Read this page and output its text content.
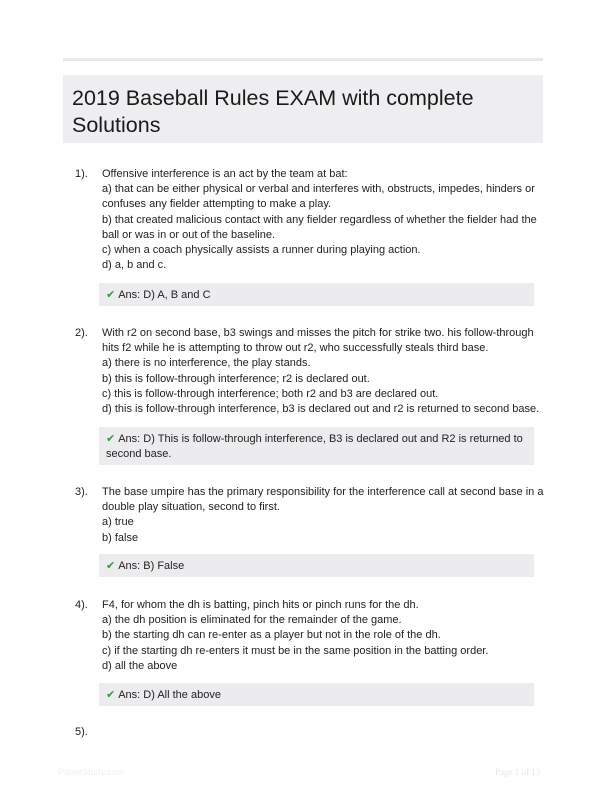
2019 Baseball Rules EXAM with complete Solutions
1). Offensive interference is an act by the team at bat:
a) that can be either physical or verbal and interferes with, obstructs, impedes, hinders or
confuses any fielder attempting to make a play.
b) that created malicious contact with any fielder regardless of whether the fielder had the
ball or was in or out of the baseline.
c) when a coach physically assists a runner during playing action.
d) a, b and c.
✔ Ans: D) A, B and C
2). With r2 on second base, b3 swings and misses the pitch for strike two. his follow-through
hits f2 while he is attempting to throw out r2, who successfully steals third base.
a) there is no interference, the play stands.
b) this is follow-through interference; r2 is declared out.
c) this is follow-through interference; both r2 and b3 are declared out.
d) this is follow-through interference, b3 is declared out and r2 is returned to second base.
✔ Ans: D) This is follow-through interference, B3 is declared out and R2 is returned to
second base.
3). The base umpire has the primary responsibility for the interference call at second base in a
double play situation, second to first.
a) true
b) false
✔ Ans: B) False
4). F4, for whom the dh is batting, pinch hits or pinch runs for the dh.
a) the dh position is eliminated for the remainder of the game.
b) the starting dh can re-enter as a player but not in the role of the dh.
c) if the starting dh re-enters it must be in the same position in the batting order.
d) all the above
✔ Ans: D) All the above
5).
PaperStudy.com	Page 1 of 13
